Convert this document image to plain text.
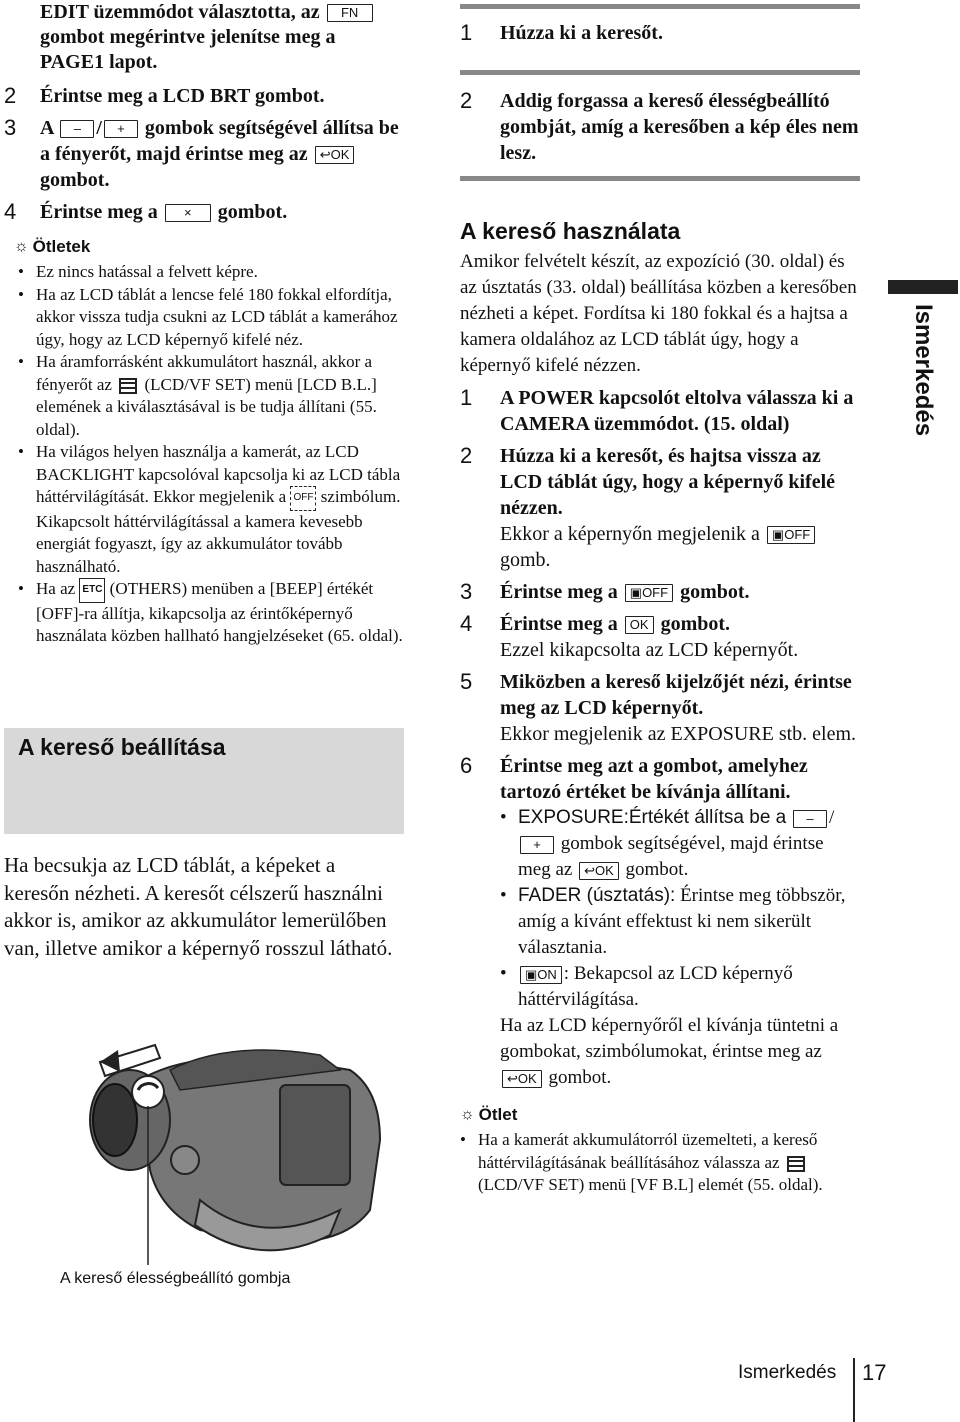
EDIT üzemmódot választotta, az FN gombot megérintve jelenítse meg a PAGE1 lapot.
2 Érintse meg a LCD BRT gombot.
3 A – / + gombok segítségével állítsa be a fényerőt, majd érintse meg az ↩OK gombot.
4 Érintse meg a × gombot.
☼ Ötletek
• Ez nincs hatással a felvett képre.
• Ha az LCD táblát a lencse felé 180 fokkal elfordítja, akkor vissza tudja csukni az LCD táblát a kamerához úgy, hogy az LCD képernyő kifelé néz.
• Ha áramforrásként akkumulátort használ, akkor a fényerőt az (LCD/VF SET) menü [LCD B.L.] elemének a kiválasztásával is be tudja állítani (55. oldal).
• Ha világos helyen használja a kamerát, az LCD BACKLIGHT kapcsolóval kapcsolja ki az LCD tábla háttérvilágítását. Ekkor megjelenik a OFF szimbólum. Kikapcsolt háttérvilágítással a kamera kevesebb energiát fogyaszt, így az akkumulátor tovább használható.
• Ha az ETC (OTHERS) menüben a [BEEP] értékét [OFF]-ra állítja, kikapcsolja az érintőképernyő használata közben hallható hangjelzéseket (65. oldal).
A kereső beállítása
Ha becsukja az LCD táblát, a képeket a keresőn nézheti. A keresőt célszerű használni akkor is, amikor az akkumulátor lemerülőben van, illetve amikor a képernyő rosszul látható.
A kereső élességbeállító gombja
1 Húzza ki a keresőt.
2 Addig forgassa a kereső élességbeállító gombját, amíg a keresőben a kép éles nem lesz.
A kereső használata
Amikor felvételt készít, az expozíció (30. oldal) és az úsztatás (33. oldal) beállítása közben a keresőben nézheti a képet. Fordítsa ki 180 fokkal és a hajtsa a kamera oldalához az LCD táblát úgy, hogy a képernyő kifelé nézzen.
1 A POWER kapcsolót eltolva válassza ki a CAMERA üzemmódot. (15. oldal)
2 Húzza ki a keresőt, és hajtsa vissza az LCD táblát úgy, hogy a képernyő kifelé nézzen.
Ekkor a képernyőn megjelenik a ▣OFF gomb.
3 Érintse meg a ▣OFF gombot.
4 Érintse meg a OK gombot.
Ezzel kikapcsolta az LCD képernyőt.
5 Miközben a kereső kijelzőjét nézi, érintse meg az LCD képernyőt.
Ekkor megjelenik az EXPOSURE stb. elem.
6 Érintse meg azt a gombot, amelyhez tartozó értéket be kívánja állítani.
• EXPOSURE:Értékét állítsa be a – / + gombok segítségével, majd érintse meg az ↩OK gombot.
• FADER (úsztatás): Érintse meg többször, amíg a kívánt effektust ki nem sikerült választania.
• ▣ON : Bekapcsol az LCD képernyő háttérvilágítása.
Ha az LCD képernyőről el kívánja tüntetni a gombokat, szimbólumokat, érintse meg az ↩OK gombot.
☼ Ötlet
• Ha a kamerát akkumulátorról üzemelteti, a kereső háttérvilágításának beállításához válassza az  (LCD/VF SET) menü [VF B.L] elemét (55. oldal).
Ismerkedés
Ismerkedés 17
